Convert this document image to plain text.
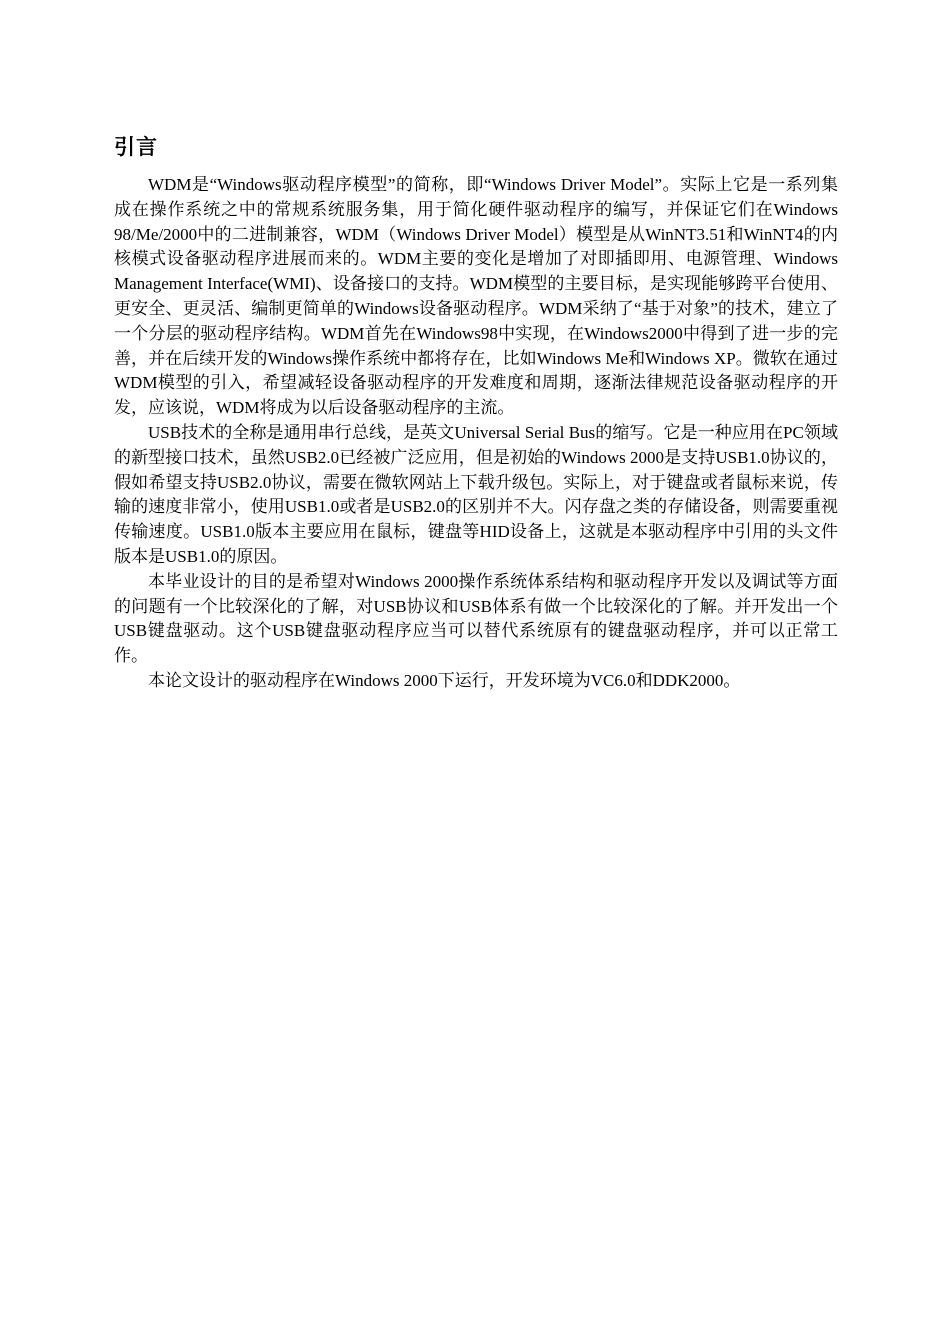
引言

WDM是“Windows驱动程序模型”的简称，即“Windows Driver Model”。实际上它是一系列集成在操作系统之中的常规系统服务集，用于简化硬件驱动程序的编写，并保证它们在Windows 98/Me/2000中的二进制兼容，WDM（Windows Driver Model）模型是从WinNT3.51和WinNT4的内核模式设备驱动程序进展而来的。WDM主要的变化是增加了对即插即用、电源管理、Windows Management Interface(WMI)、设备接口的支持。WDM模型的主要目标，是实现能够跨平台使用、更安全、更灵活、编制更简单的Windows设备驱动程序。WDM采纳了“基于对象”的技术，建立了一个分层的驱动程序结构。WDM首先在Windows98中实现，在Windows2000中得到了进一步的完善，并在后续开发的Windows操作系统中都将存在，比如Windows Me和Windows XP。微软在通过WDM模型的引入，希望减轻设备驱动程序的开发难度和周期，逐渐法律规范设备驱动程序的开发，应该说，WDM将成为以后设备驱动程序的主流。

USB技术的全称是通用串行总线，是英文Universal Serial Bus的缩写。它是一种应用在PC领域的新型接口技术，虽然USB2.0已经被广泛应用，但是初始的Windows 2000是支持USB1.0协议的，假如希望支持USB2.0协议，需要在微软网站上下载升级包。实际上，对于键盘或者鼠标来说，传输的速度非常小，使用USB1.0或者是USB2.0的区别并不大。闪存盘之类的存储设备，则需要重视传输速度。USB1.0版本主要应用在鼠标，键盘等HID设备上，这就是本驱动程序中引用的头文件版本是USB1.0的原因。

本毕业设计的目的是希望对Windows 2000操作系统体系结构和驱动程序开发以及调试等方面的问题有一个比较深化的了解，对USB协议和USB体系有做一个比较深化的了解。并开发出一个USB键盘驱动。这个USB键盘驱动程序应当可以替代系统原有的键盘驱动程序，并可以正常工作。

本论文设计的驱动程序在Windows 2000下运行，开发环境为VC6.0和DDK2000。
